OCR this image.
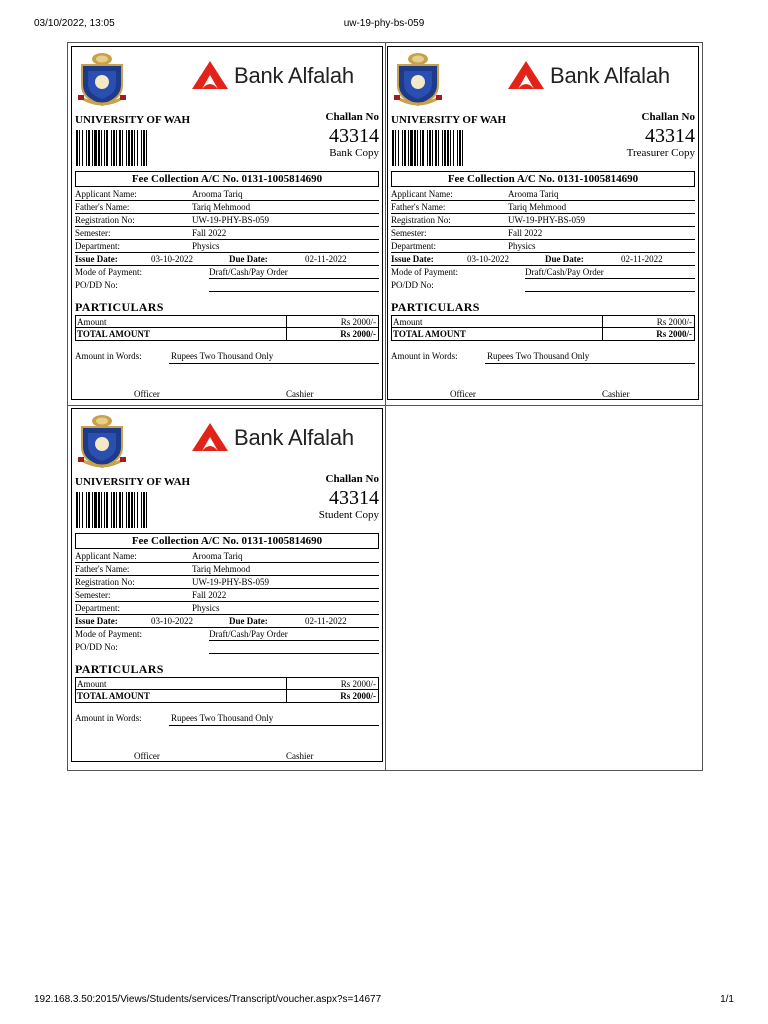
03/10/2022, 13:05	uw-19-phy-bs-059
Bank Alfalah
UNIVERSITY OF WAH	Challan No
43314
Bank Copy
Fee Collection A/C No. 0131-1005814690
Applicant Name:	Arooma Tariq
Father's Name:	Tariq Mehmood
Registration No:	UW-19-PHY-BS-059
Semester:	Fall 2022
Department:	Physics
Issue Date:	03-10-2022	Due Date:	02-11-2022
Mode of Payment:	Draft/Cash/Pay Order
PO/DD No:
PARTICULARS
Amount	Rs 2000/-
TOTAL AMOUNT	Rs 2000/-
Amount in Words:	Rupees Two Thousand Only
Officer	Cashier
Bank Alfalah
UNIVERSITY OF WAH	Challan No
43314
Treasurer Copy
Fee Collection A/C No. 0131-1005814690
Applicant Name:	Arooma Tariq
Father's Name:	Tariq Mehmood
Registration No:	UW-19-PHY-BS-059
Semester:	Fall 2022
Department:	Physics
Issue Date:	03-10-2022	Due Date:	02-11-2022
Mode of Payment:	Draft/Cash/Pay Order
PO/DD No:
PARTICULARS
Amount	Rs 2000/-
TOTAL AMOUNT	Rs 2000/-
Amount in Words:	Rupees Two Thousand Only
Officer	Cashier
Bank Alfalah
UNIVERSITY OF WAH	Challan No
43314
Student Copy
Fee Collection A/C No. 0131-1005814690
Applicant Name:	Arooma Tariq
Father's Name:	Tariq Mehmood
Registration No:	UW-19-PHY-BS-059
Semester:	Fall 2022
Department:	Physics
Issue Date:	03-10-2022	Due Date:	02-11-2022
Mode of Payment:	Draft/Cash/Pay Order
PO/DD No:
PARTICULARS
Amount	Rs 2000/-
TOTAL AMOUNT	Rs 2000/-
Amount in Words:	Rupees Two Thousand Only
Officer	Cashier
192.168.3.50:2015/Views/Students/services/Transcript/voucher.aspx?s=14677	1/1
